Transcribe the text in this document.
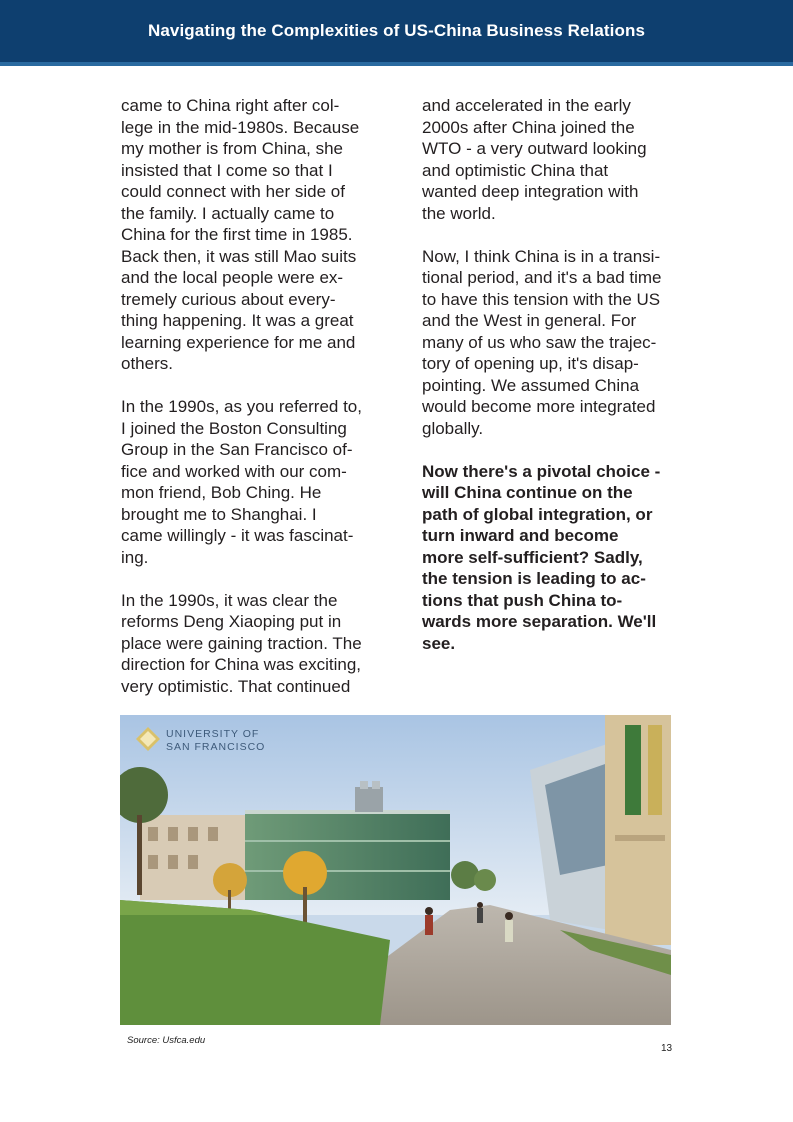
Navigating the Complexities of US-China Business Relations

came to China right after col-
lege in the mid-1980s. Because
my mother is from China, she
insisted that I come so that I
could connect with her side of
the family. I actually came to
China for the first time in 1985.
Back then, it was still Mao suits
and the local people were ex-
tremely curious about every-
thing happening. It was a great
learning experience for me and
others.

In the 1990s, as you referred to,
I joined the Boston Consulting
Group in the San Francisco of-
fice and worked with our com-
mon friend, Bob Ching. He
brought me to Shanghai. I
came willingly - it was fascinat-
ing.

In the 1990s, it was clear the
reforms Deng Xiaoping put in
place were gaining traction. The
direction for China was exciting,
very optimistic. That continued

and accelerated in the early
2000s after China joined the
WTO - a very outward looking
and optimistic China that
wanted deep integration with
the world.

Now, I think China is in a transi-
tional period, and it's a bad time
to have this tension with the US
and the West in general. For
many of us who saw the trajec-
tory of opening up, it's disap-
pointing. We assumed China
would become more integrated
globally.

Now there's a pivotal choice -
will China continue on the
path of global integration, or
turn inward and become
more self-sufficient? Sadly,
the tension is leading to ac-
tions that push China to-
wards more separation. We'll
see.

UNIVERSITY OF
SAN FRANCISCO
Source: Usfca.edu
13
